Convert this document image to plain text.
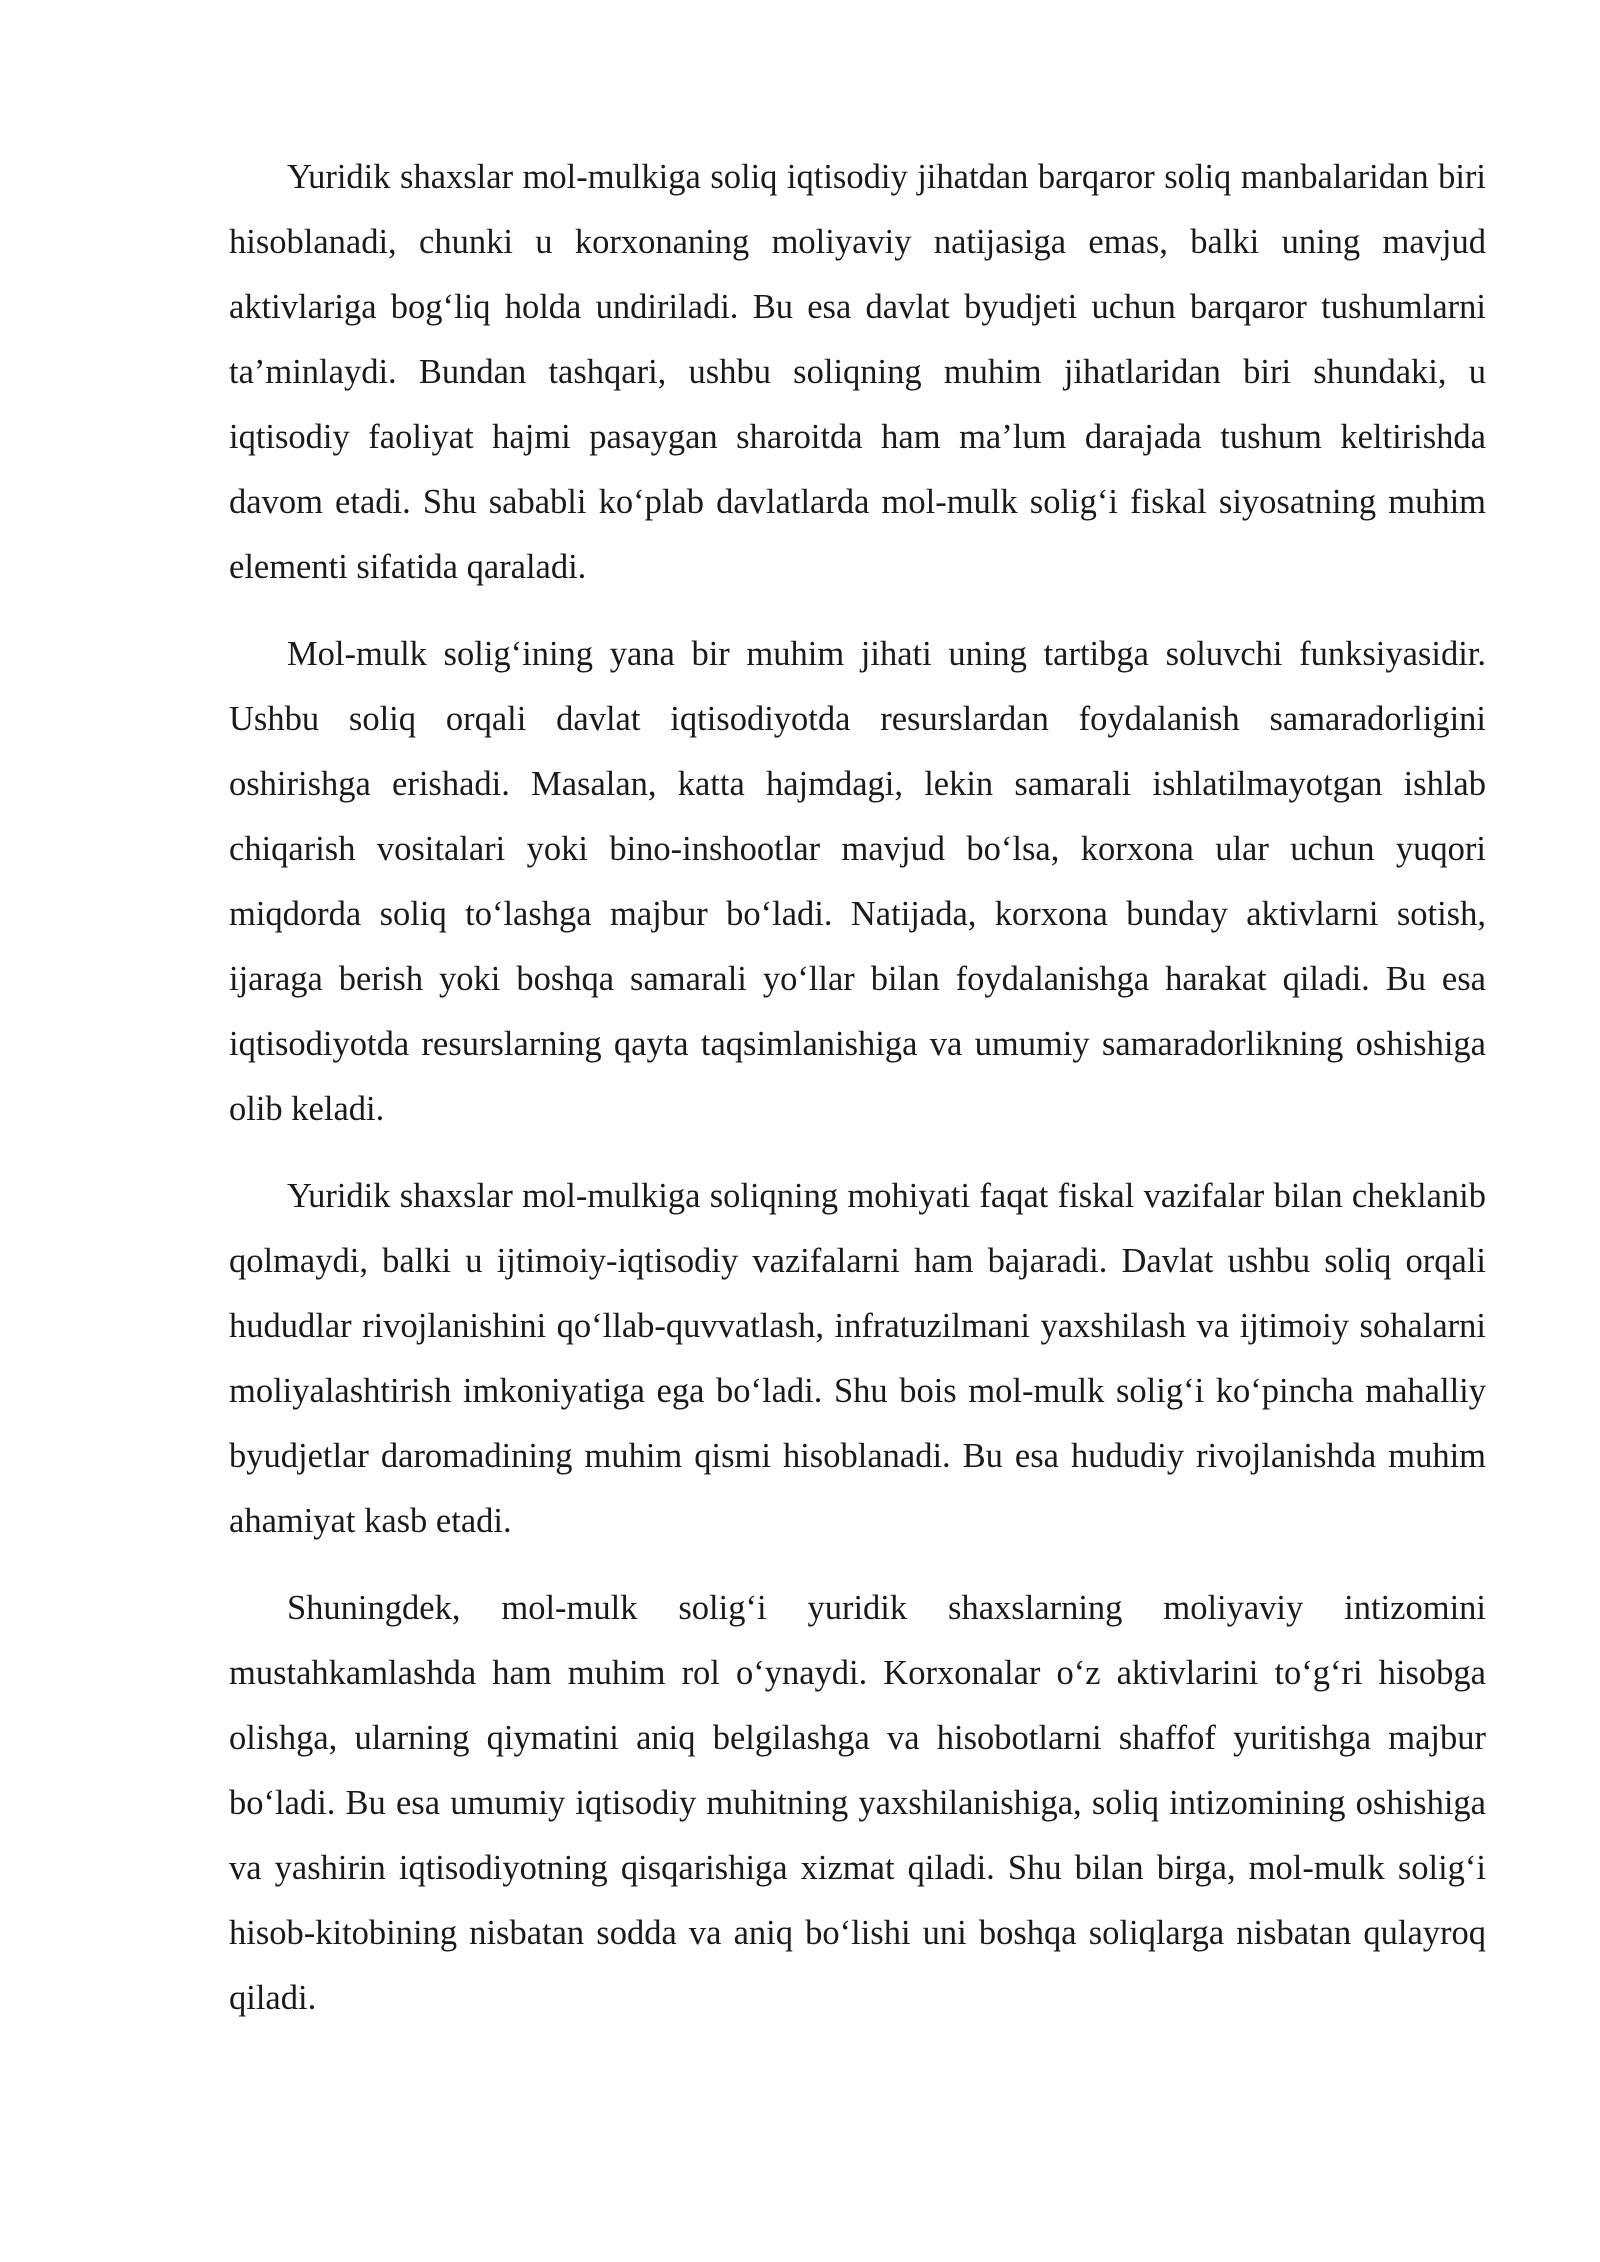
Yuridik shaxslar mol-mulkiga soliq iqtisodiy jihatdan barqaror soliq manbalaridan biri hisoblanadi, chunki u korxonaning moliyaviy natijasiga emas, balki uning mavjud aktivlariga bog‘liq holda undiriladi. Bu esa davlat byudjeti uchun barqaror tushumlarni ta’minlaydi. Bundan tashqari, ushbu soliqning muhim jihatlaridan biri shundaki, u iqtisodiy faoliyat hajmi pasaygan sharoitda ham ma’lum darajada tushum keltirishda davom etadi. Shu sababli ko‘plab davlatlarda mol-mulk solig‘i fiskal siyosatning muhim elementi sifatida qaraladi.

Mol-mulk solig‘ining yana bir muhim jihati uning tartibga soluvchi funksiyasidir. Ushbu soliq orqali davlat iqtisodiyotda resurslardan foydalanish samaradorligini oshirishga erishadi. Masalan, katta hajmdagi, lekin samarali ishlatilmayotgan ishlab chiqarish vositalari yoki bino-inshootlar mavjud bo‘lsa, korxona ular uchun yuqori miqdorda soliq to‘lashga majbur bo‘ladi. Natijada, korxona bunday aktivlarni sotish, ijaraga berish yoki boshqa samarali yo‘llar bilan foydalanishga harakat qiladi. Bu esa iqtisodiyotda resurslarning qayta taqsimlanishiga va umumiy samaradorlikning oshishiga olib keladi.

Yuridik shaxslar mol-mulkiga soliqning mohiyati faqat fiskal vazifalar bilan cheklanib qolmaydi, balki u ijtimoiy-iqtisodiy vazifalarni ham bajaradi. Davlat ushbu soliq orqali hududlar rivojlanishini qo‘llab-quvvatlash, infratuzilmani yaxshilash va ijtimoiy sohalarni moliyalashtirish imkoniyatiga ega bo‘ladi. Shu bois mol-mulk solig‘i ko‘pincha mahalliy byudjetlar daromadining muhim qismi hisoblanadi. Bu esa hududiy rivojlanishda muhim ahamiyat kasb etadi.

Shuningdek, mol-mulk solig‘i yuridik shaxslarning moliyaviy intizomini mustahkamlashda ham muhim rol o‘ynaydi. Korxonalar o‘z aktivlarini to‘g‘ri hisobga olishga, ularning qiymatini aniq belgilashga va hisobotlarni shaffof yuritishga majbur bo‘ladi. Bu esa umumiy iqtisodiy muhitning yaxshilanishiga, soliq intizomining oshishiga va yashirin iqtisodiyotning qisqarishiga xizmat qiladi. Shu bilan birga, mol-mulk solig‘i hisob-kitobining nisbatan sodda va aniq bo‘lishi uni boshqa soliqlarga nisbatan qulayroq qiladi.
